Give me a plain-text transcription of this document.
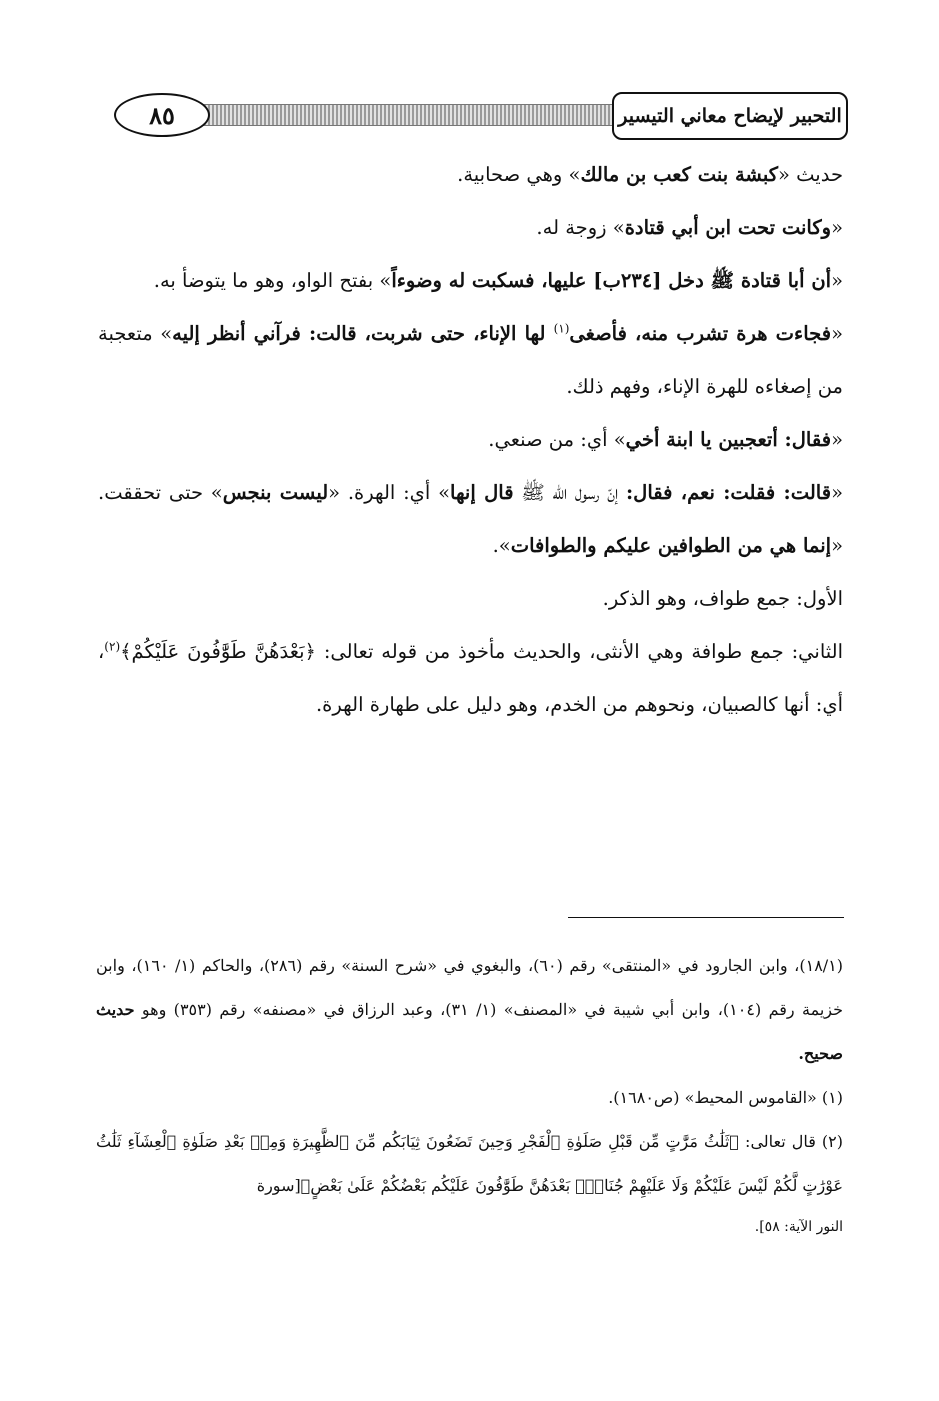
٨٥	التحبير لإيضاح معاني التيسير

حديث «كبشة بنت كعب بن مالك» وهي صحابية.

«وكانت تحت ابن أبي قتادة» زوجة له.

«أن أبا قتادة ﷺ دخل [٢٣٤ب] عليها، فسكبت له وضوءاً» بفتح الواو، وهو ما يتوضأ به.

«فجاءت هرة تشرب منه، فأصغى$^{(١)}$ لها الإناء، حتى شربت، قالت: فرآني أنظر إليه» متعجبة من إصغاءه للهرة الإناء، وفهم ذلك.

«فقال: أتعجبين يا ابنة أخي» أي: من صنعي.

«قالت: فقلت: نعم، فقال: إنّ رسول الله ﷺ قال إنها» أي: الهرة. «ليست بنجس» حتى تحققت. «إنما هي من الطوافين عليكم والطوافات».

الأول: جمع طواف، وهو الذكر.

الثاني: جمع طوافة وهي الأنثى، والحديث مأخوذ من قوله تعالى: ﴿بَعْدَهُنَّ طَوَّٰفُونَ عَلَيْكُمْ﴾$^{(٢)}$، أي: أنها كالصبيان، ونحوهم من الخدم، وهو دليل على طهارة الهرة.

(١٨/١)، وابن الجارود في «المنتقى» رقم (٦٠)، والبغوي في «شرح السنة» رقم (٢٨٦)، والحاكم (١/ ١٦٠)، وابن خزيمة رقم (١٠٤)، وابن أبي شيبة في «المصنف» (١/ ٣١)، وعبد الرزاق في «مصنفه» رقم (٣٥٣) وهو حديث صحيح.

(١) «القاموس المحيط» (ص١٦٨٠).

(٢) قال تعالى: ﴿ثَلَٰثُ مَرَّٰتٍ مِّن قَبْلِ صَلَوٰةِ ٱلْفَجْرِ وَحِينَ تَضَعُونَ ثِيَابَكُم مِّنَ ٱلظَّهِيرَةِ وَمِنۢ بَعْدِ صَلَوٰةِ ٱلْعِشَآءِ ثَلَٰثُ عَوْرَٰتٍ لَّكُمْ لَيْسَ عَلَيْكُمْ وَلَا عَلَيْهِمْ جُنَاحٌۢ بَعْدَهُنَّ طَوَّٰفُونَ عَلَيْكُم بَعْضُكُمْ عَلَىٰ بَعْضٍ﴾[سورة

النور الآية: ٥٨].
